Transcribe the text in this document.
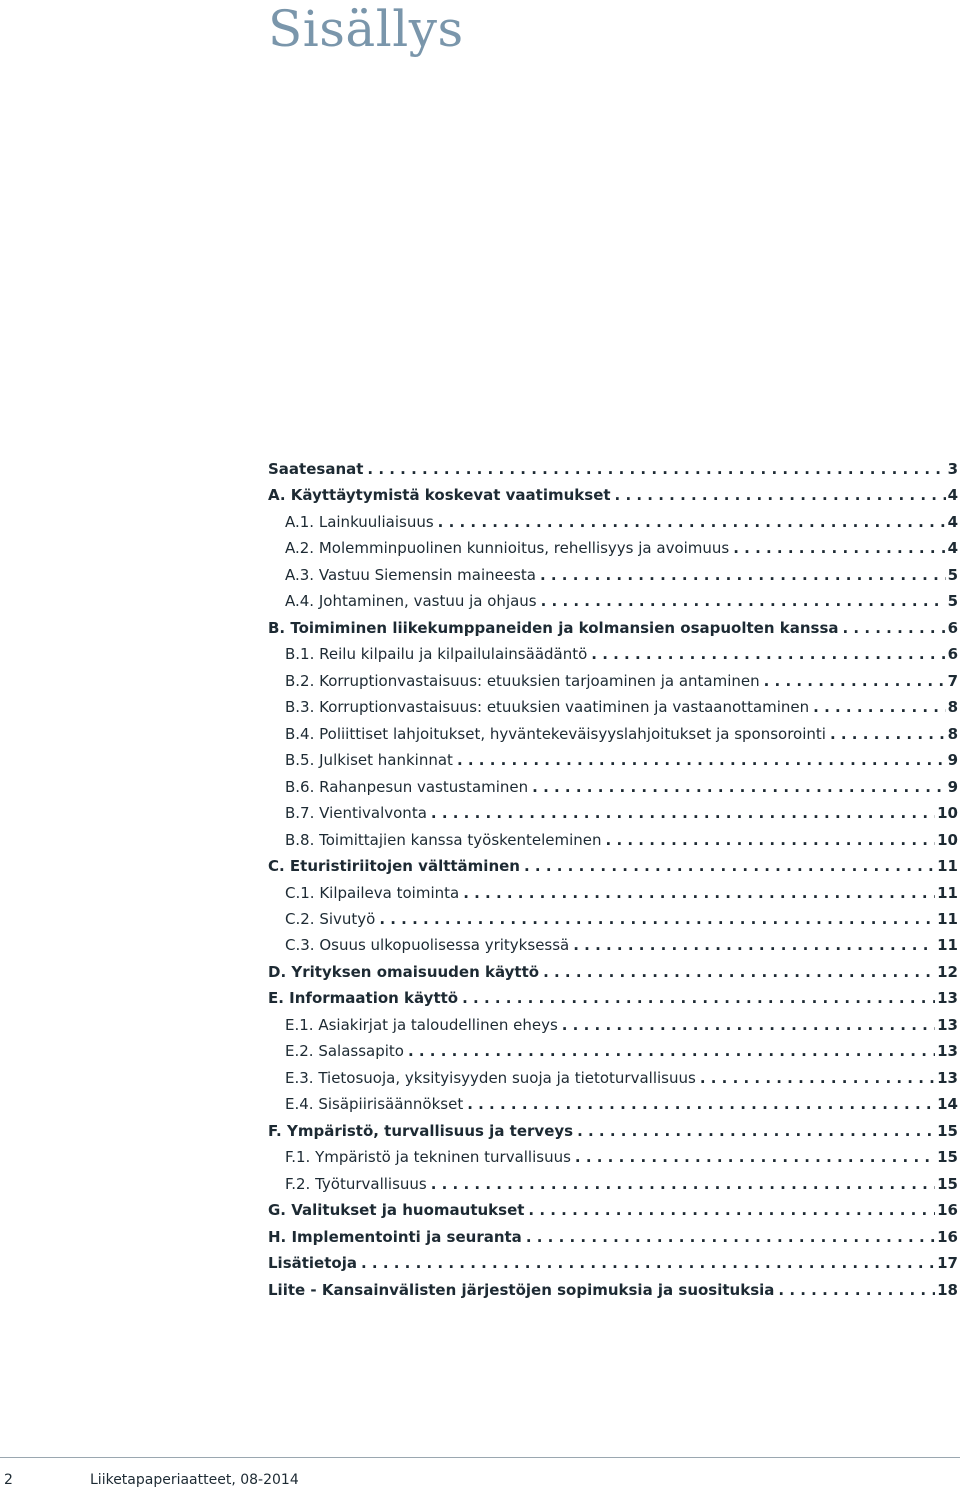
Sisällys
Saatesanat . . .	3
A. Käyttäytymistä koskevat vaatimukset . . .	4
A.1. Lainkuuliaisuus . . .	4
A.2. Molemminpuolinen kunnioitus, rehellisyys ja avoimuus . . .	4
A.3. Vastuu Siemensin maineesta . . .	5
A.4. Johtaminen, vastuu ja ohjaus . . .	5
B. Toimiminen liikekumppaneiden ja kolmansien osapuolten kanssa . . .	6
B.1. Reilu kilpailu ja kilpailulainsäädäntö . . .	6
B.2. Korruptionvastaisuus: etuuksien tarjoaminen ja antaminen . . .	7
B.3. Korruptionvastaisuus: etuuksien vaatiminen ja vastaanottaminen . . .	8
B.4. Poliittiset lahjoitukset, hyväntekeväisyyslahjoitukset ja sponsorointi . . .	8
B.5. Julkiset hankinnat . . .	9
B.6. Rahanpesun vastustaminen . . .	9
B.7. Vientivalvonta . . .	10
B.8. Toimittajien kanssa työskenteleminen . . .	10
C. Eturistiriitojen välttäminen . . .	11
C.1. Kilpaileva toiminta . . .	11
C.2. Sivutyö . . .	11
C.3. Osuus ulkopuolisessa yrityksessä . . .	11
D. Yrityksen omaisuuden käyttö . . .	12
E. Informaation käyttö . . .	13
E.1. Asiakirjat ja taloudellinen eheys . . .	13
E.2. Salassapito . . .	13
E.3. Tietosuoja, yksityisyyden suoja ja tietoturvallisuus . . .	13
E.4. Sisäpiirisäännökset . . .	14
F. Ympäristö, turvallisuus ja terveys . . .	15
F.1. Ympäristö ja tekninen turvallisuus . . .	15
F.2. Työturvallisuus . . .	15
G. Valitukset ja huomautukset . . .	16
H. Implementointi ja seuranta . . .	16
Lisätietoja . . .	17
Liite - Kansainvälisten järjestöjen sopimuksia ja suosituksia . . .	18
2	Liiketapaperiaatteet, 08-2014
